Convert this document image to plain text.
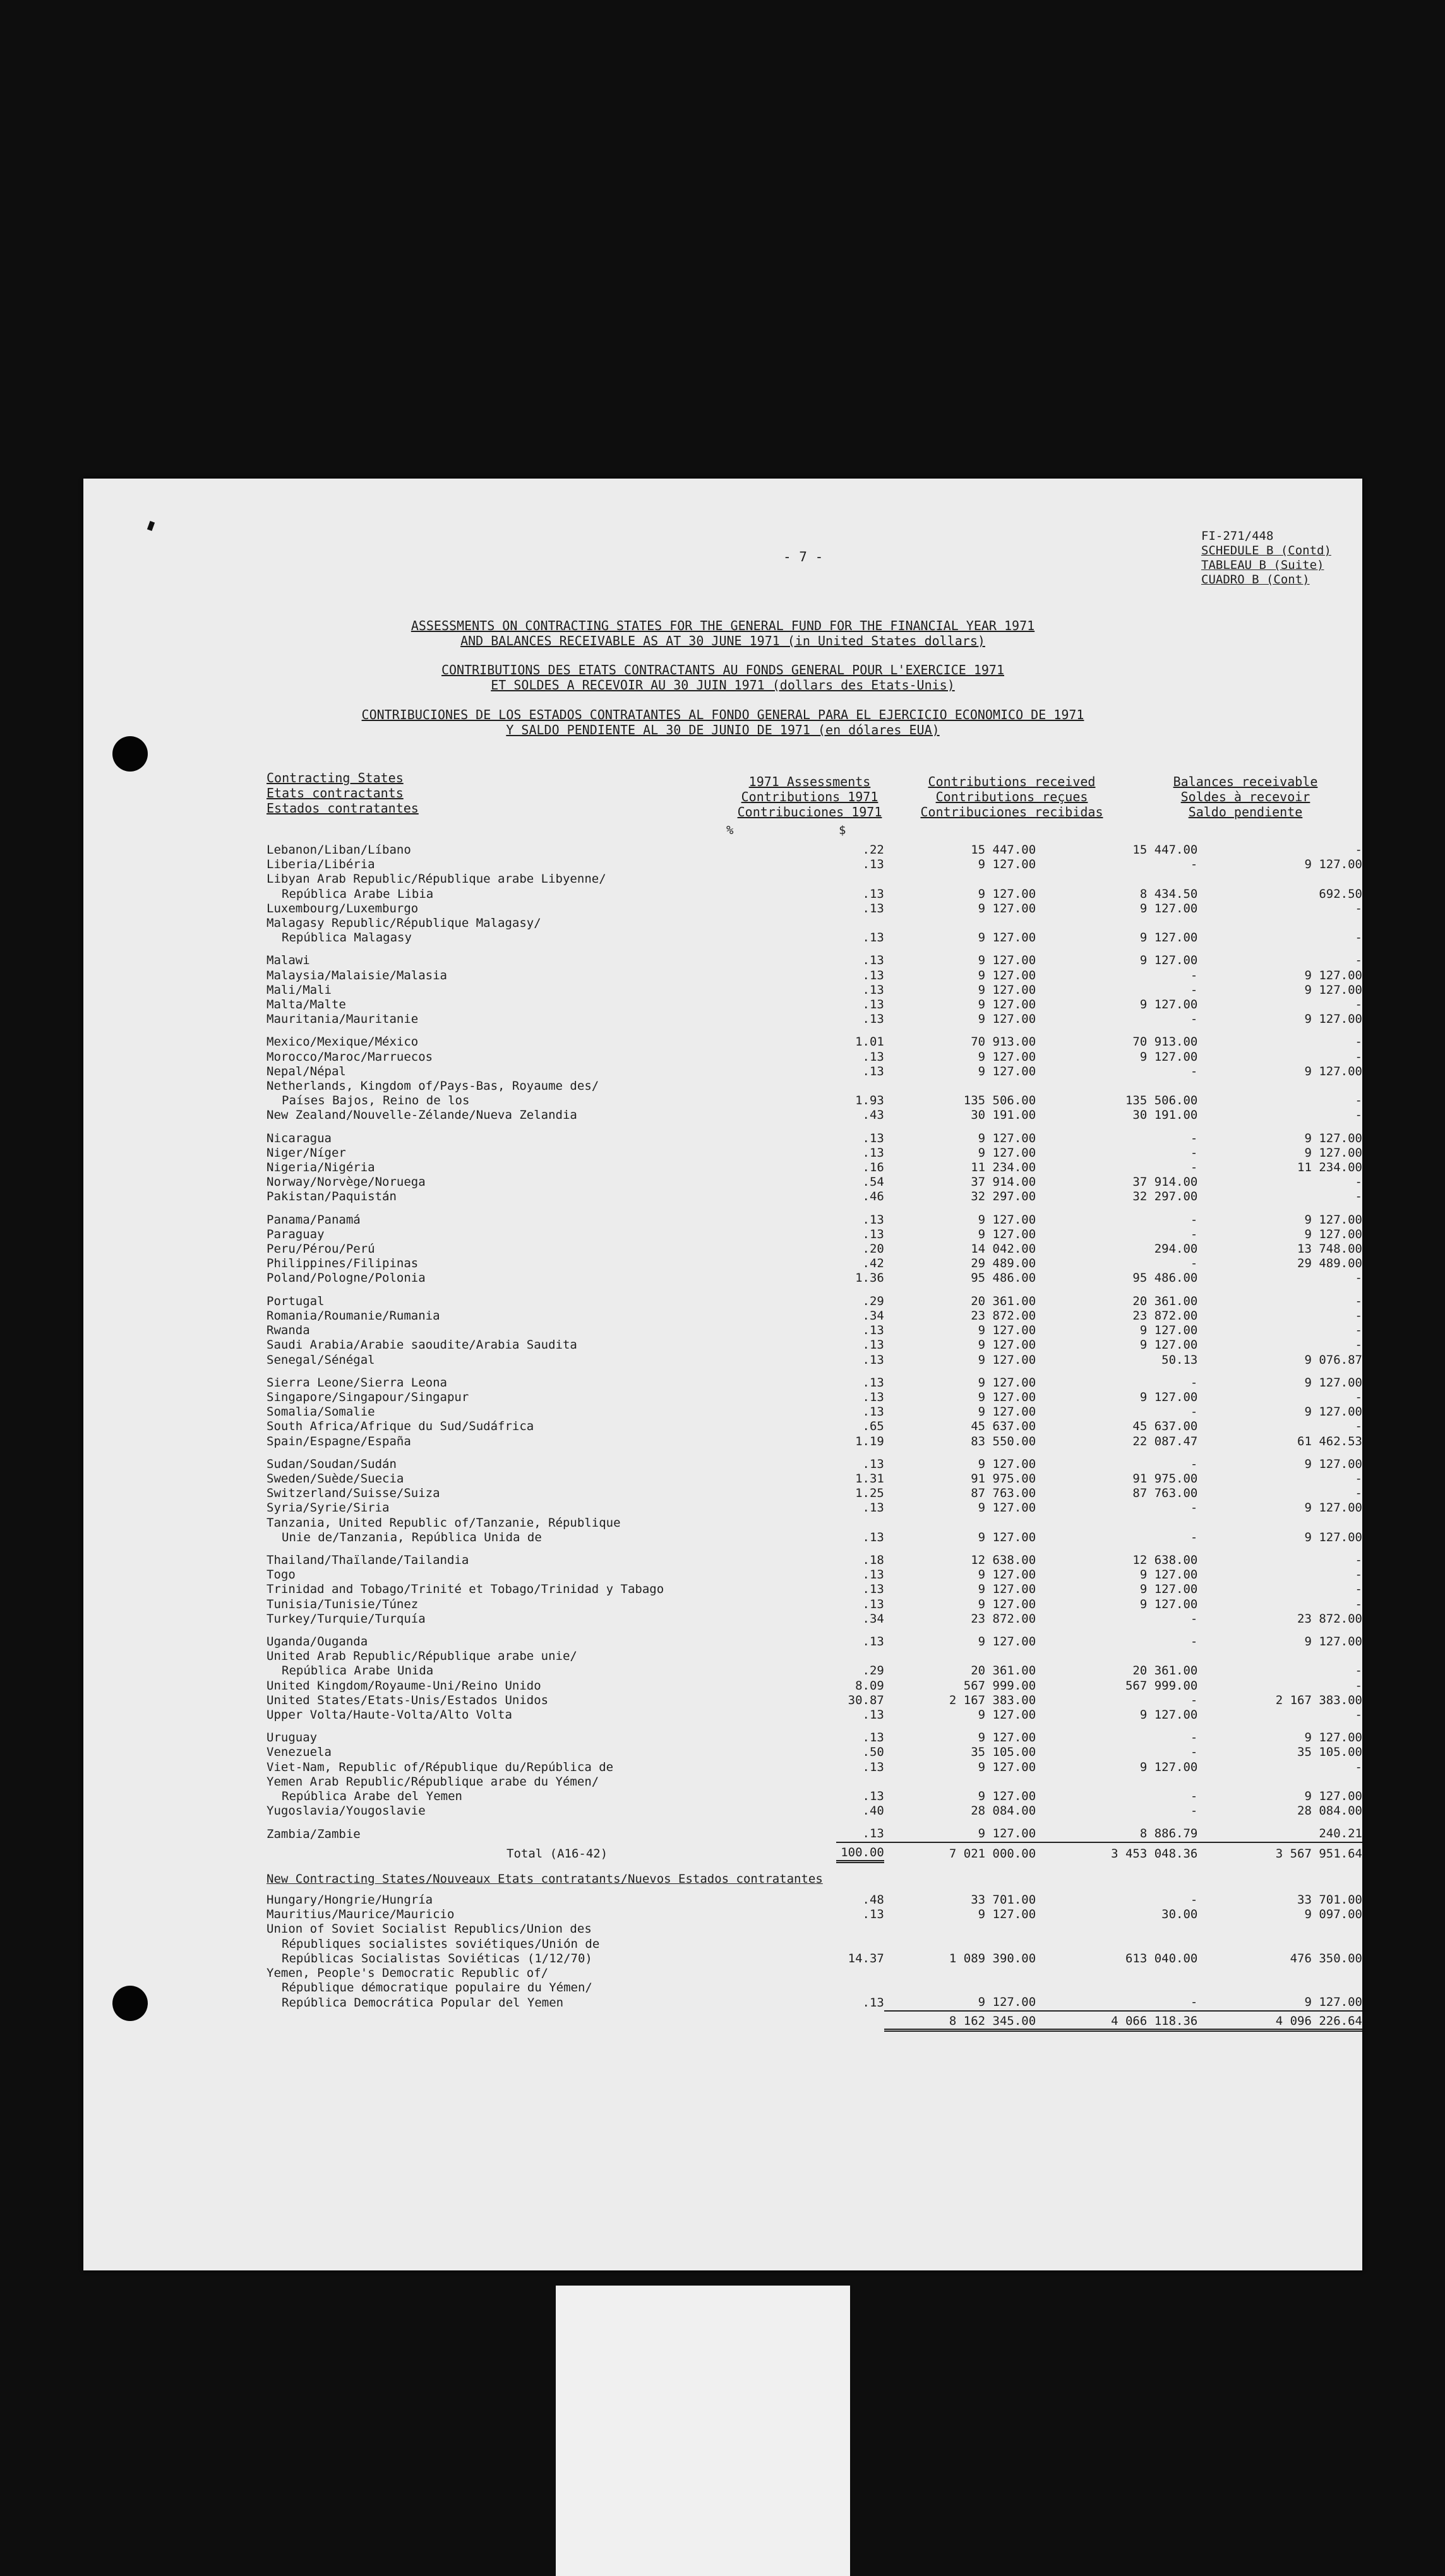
- 7 -
FI-271/448
SCHEDULE B (Contd)
TABLEAU B (Suite)
CUADRO B (Cont)
ASSESSMENTS ON CONTRACTING STATES FOR THE GENERAL FUND FOR THE FINANCIAL YEAR 1971
AND BALANCES RECEIVABLE AS AT 30 JUNE 1971 (in United States dollars)
CONTRIBUTIONS DES ETATS CONTRACTANTS AU FONDS GENERAL POUR L'EXERCICE 1971
ET SOLDES A RECEVOIR AU 30 JUIN 1971 (dollars des Etats-Unis)
CONTRIBUCIONES DE LOS ESTADOS CONTRATANTES AL FONDO GENERAL PARA EL EJERCICIO ECONOMICO DE 1971
Y SALDO PENDIENTE AL 30 DE JUNIO DE 1971 (en dólares EUA)
Contracting States
Etats contractants
Estados contratantes
1971 Assessments
Contributions 1971
Contribuciones 1971
Contributions received
Contributions reçues
Contribuciones recibidas
Balances receivable
Soldes à recevoir
Saldo pendiente
%	$
Lebanon/Liban/Líbano	.22	15 447.00	15 447.00	-
Liberia/Libéria	.13	9 127.00	-	9 127.00
Libyan Arab Republic/République arabe Libyenne/				
República Arabe Libia	.13	9 127.00	8 434.50	692.50
Luxembourg/Luxemburgo	.13	9 127.00	9 127.00	-
Malagasy Republic/République Malagasy/				
República Malagasy	.13	9 127.00	9 127.00	-

Malawi	.13	9 127.00	9 127.00	-
Malaysia/Malaisie/Malasia	.13	9 127.00	-	9 127.00
Mali/Mali	.13	9 127.00	-	9 127.00
Malta/Malte	.13	9 127.00	9 127.00	-
Mauritania/Mauritanie	.13	9 127.00	-	9 127.00

Mexico/Mexique/México	1.01	70 913.00	70 913.00	-
Morocco/Maroc/Marruecos	.13	9 127.00	9 127.00	-
Nepal/Népal	.13	9 127.00	-	9 127.00
Netherlands, Kingdom of/Pays-Bas, Royaume des/				
Países Bajos, Reino de los	1.93	135 506.00	135 506.00	-
New Zealand/Nouvelle-Zélande/Nueva Zelandia	.43	30 191.00	30 191.00	-

Nicaragua	.13	9 127.00	-	9 127.00
Niger/Níger	.13	9 127.00	-	9 127.00
Nigeria/Nigéria	.16	11 234.00	-	11 234.00
Norway/Norvège/Noruega	.54	37 914.00	37 914.00	-
Pakistan/Paquistán	.46	32 297.00	32 297.00	-

Panama/Panamá	.13	9 127.00	-	9 127.00
Paraguay	.13	9 127.00	-	9 127.00
Peru/Pérou/Perú	.20	14 042.00	294.00	13 748.00
Philippines/Filipinas	.42	29 489.00	-	29 489.00
Poland/Pologne/Polonia	1.36	95 486.00	95 486.00	-

Portugal	.29	20 361.00	20 361.00	-
Romania/Roumanie/Rumania	.34	23 872.00	23 872.00	-
Rwanda	.13	9 127.00	9 127.00	-
Saudi Arabia/Arabie saoudite/Arabia Saudita	.13	9 127.00	9 127.00	-
Senegal/Sénégal	.13	9 127.00	50.13	9 076.87

Sierra Leone/Sierra Leona	.13	9 127.00	-	9 127.00
Singapore/Singapour/Singapur	.13	9 127.00	9 127.00	-
Somalia/Somalie	.13	9 127.00	-	9 127.00
South Africa/Afrique du Sud/Sudáfrica	.65	45 637.00	45 637.00	-
Spain/Espagne/España	1.19	83 550.00	22 087.47	61 462.53

Sudan/Soudan/Sudán	.13	9 127.00	-	9 127.00
Sweden/Suède/Suecia	1.31	91 975.00	91 975.00	-
Switzerland/Suisse/Suiza	1.25	87 763.00	87 763.00	-
Syria/Syrie/Siria	.13	9 127.00	-	9 127.00
Tanzania, United Republic of/Tanzanie, République				
Unie de/Tanzania, República Unida de	.13	9 127.00	-	9 127.00

Thailand/Thaïlande/Tailandia	.18	12 638.00	12 638.00	-
Togo	.13	9 127.00	9 127.00	-
Trinidad and Tobago/Trinité et Tobago/Trinidad y Tabago	.13	9 127.00	9 127.00	-
Tunisia/Tunisie/Túnez	.13	9 127.00	9 127.00	-
Turkey/Turquie/Turquía	.34	23 872.00	-	23 872.00

Uganda/Ouganda	.13	9 127.00	-	9 127.00
United Arab Republic/République arabe unie/				
República Arabe Unida	.29	20 361.00	20 361.00	-
United Kingdom/Royaume-Uni/Reino Unido	8.09	567 999.00	567 999.00	-
United States/Etats-Unis/Estados Unidos	30.87	2 167 383.00	-	2 167 383.00
Upper Volta/Haute-Volta/Alto Volta	.13	9 127.00	9 127.00	-

Uruguay	.13	9 127.00	-	9 127.00
Venezuela	.50	35 105.00	-	35 105.00
Viet-Nam, Republic of/République du/República de	.13	9 127.00	9 127.00	-
Yemen Arab Republic/République arabe du Yémen/				
República Arabe del Yemen	.13	9 127.00	-	9 127.00
Yugoslavia/Yougoslavie	.40	28 084.00	-	28 084.00

Zambia/Zambie	.13	9 127.00	8 886.79	240.21
Total (A16-42)	100.00	7 021 000.00	3 453 048.36	3 567 951.64
New Contracting States/Nouveaux Etats contratants/Nuevos Estados contratantes				
Hungary/Hongrie/Hungría	.48	33 701.00	-	33 701.00
Mauritius/Maurice/Mauricio	.13	9 127.00	30.00	9 097.00
Union of Soviet Socialist Republics/Union des				
Républiques socialistes soviétiques/Unión de				
Repúblicas Socialistas Soviéticas (1/12/70)	14.37	1 089 390.00	613 040.00	476 350.00
Yemen, People's Democratic Republic of/				
République démocratique populaire du Yémen/				
República Democrática Popular del Yemen	.13	9 127.00	-	9 127.00
		8 162 345.00	4 066 118.36	4 096 226.64
